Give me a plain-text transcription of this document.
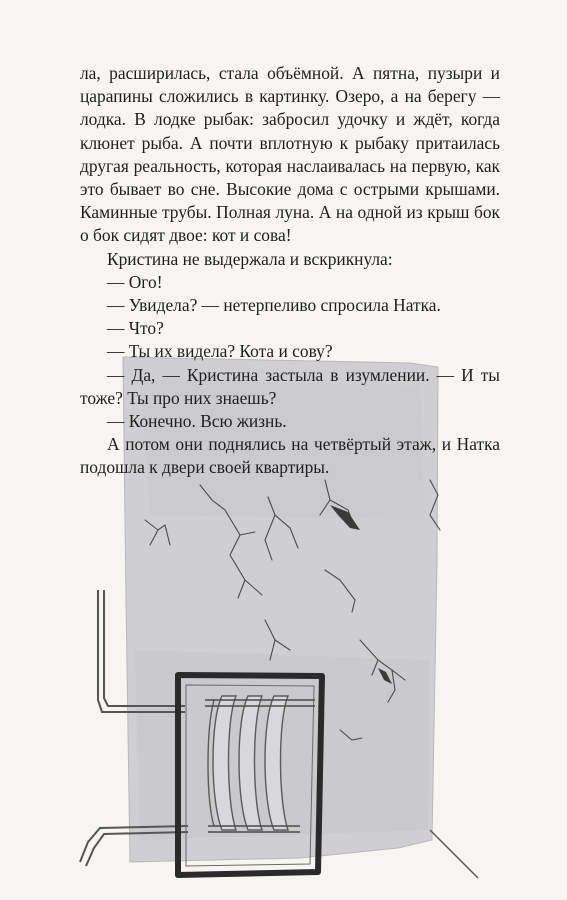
ла, расширилась, стала объёмной. А пятна, пузыри и царапины сложились в картинку. Озеро, а на берегу — лодка. В лодке рыбак: забросил удочку и ждёт, когда клюнет рыба. А почти вплотную к рыбаку притаилась другая реальность, которая наслаивалась на первую, как это бывает во сне. Высокие дома с острыми крышами. Каминные трубы. Полная луна. А на одной из крыш бок о бок сидят двое: кот и сова!

Кристина не выдержала и вскрикнула:

— Ого!

— Увидела? — нетерпеливо спросила Натка.

— Что?

— Ты их видела? Кота и сову?

— Да, — Кристина застыла в изумлении. — И ты тоже? Ты про них знаешь?

— Конечно. Всю жизнь.

А потом они поднялись на четвёртый этаж, и Натка подошла к двери своей квартиры.
